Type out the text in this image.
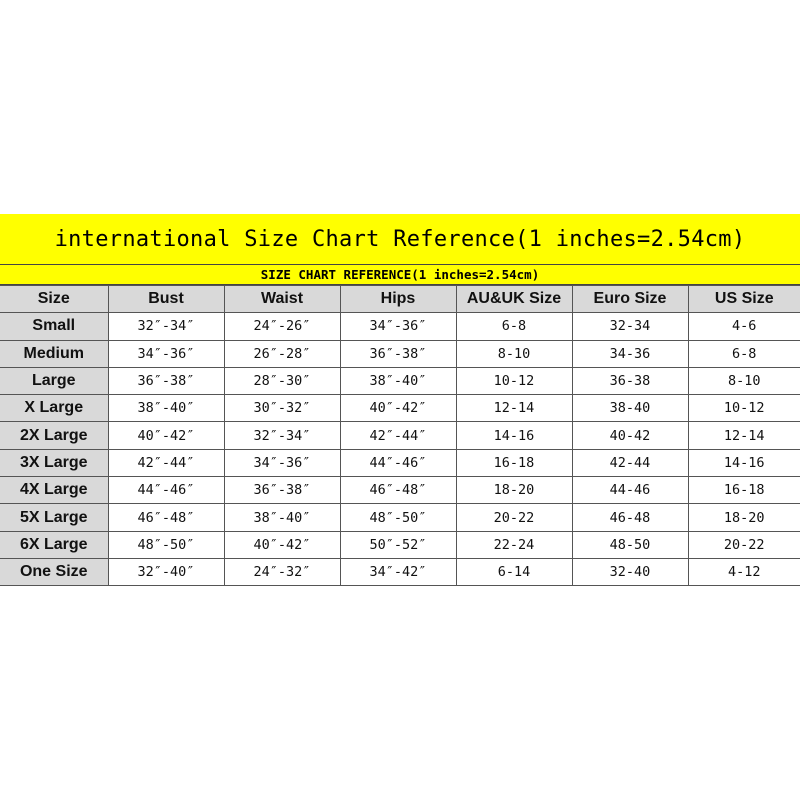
international Size Chart Reference(1 inches=2.54cm)
SIZE CHART REFERENCE(1 inches=2.54cm)
Size	Bust	Waist	Hips	AU&UK Size	Euro Size	US Size
Small	32″-34″	24″-26″	34″-36″	6-8	32-34	4-6
Medium	34″-36″	26″-28″	36″-38″	8-10	34-36	6-8
Large	36″-38″	28″-30″	38″-40″	10-12	36-38	8-10
X Large	38″-40″	30″-32″	40″-42″	12-14	38-40	10-12
2X Large	40″-42″	32″-34″	42″-44″	14-16	40-42	12-14
3X Large	42″-44″	34″-36″	44″-46″	16-18	42-44	14-16
4X Large	44″-46″	36″-38″	46″-48″	18-20	44-46	16-18
5X Large	46″-48″	38″-40″	48″-50″	20-22	46-48	18-20
6X Large	48″-50″	40″-42″	50″-52″	22-24	48-50	20-22
One Size	32″-40″	24″-32″	34″-42″	6-14	32-40	4-12
